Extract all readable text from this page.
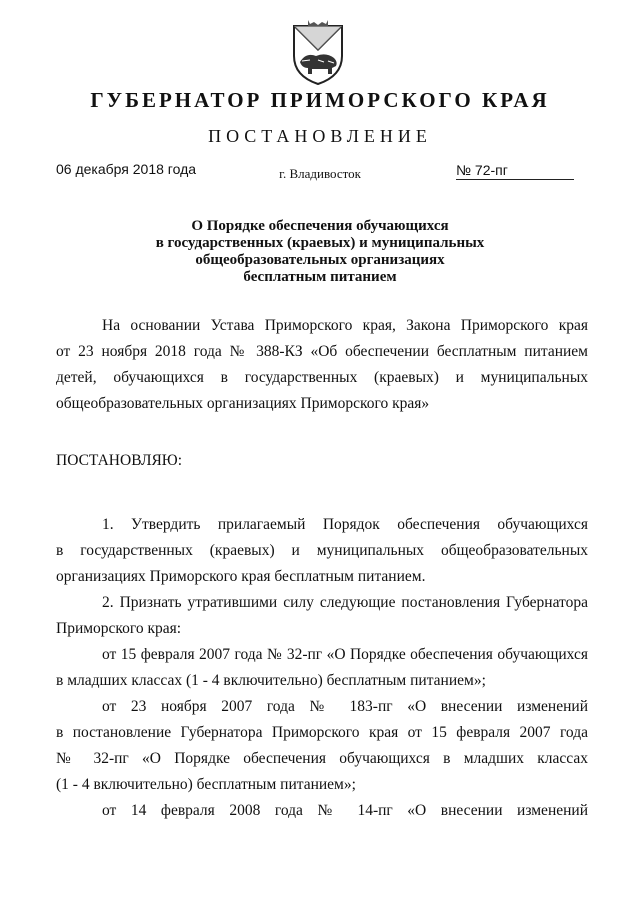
ГУБЕРНАТОР ПРИМОРСКОГО КРАЯ
ПОСТАНОВЛЕНИЕ
06 декабря 2018 года	г. Владивосток	№ 72-пг
О Порядке обеспечения обучающихся
в государственных (краевых) и муниципальных
общеобразовательных организациях
бесплатным питанием
На основании Устава Приморского края, Закона Приморского края
от 23 ноября 2018 года № 388-КЗ «Об обеспечении бесплатным питанием
детей, обучающихся в государственных (краевых) и муниципальных
общеобразовательных организациях Приморского края»
ПОСТАНОВЛЯЮ:
1. Утвердить прилагаемый Порядок обеспечения обучающихся
в государственных (краевых) и муниципальных общеобразовательных
организациях Приморского края бесплатным питанием.
2. Признать утратившими силу следующие постановления Губернатора
Приморского края:
от 15 февраля 2007 года № 32-пг «О Порядке обеспечения обучающихся
в младших классах (1 - 4 включительно) бесплатным питанием»;
от 23 ноября 2007 года № 183-пг «О внесении изменений
в постановление Губернатора Приморского края от 15 февраля 2007 года
№ 32-пг «О Порядке обеспечения обучающихся в младших классах
(1 - 4 включительно) бесплатным питанием»;
от 14 февраля 2008 года № 14-пг «О внесении изменений
